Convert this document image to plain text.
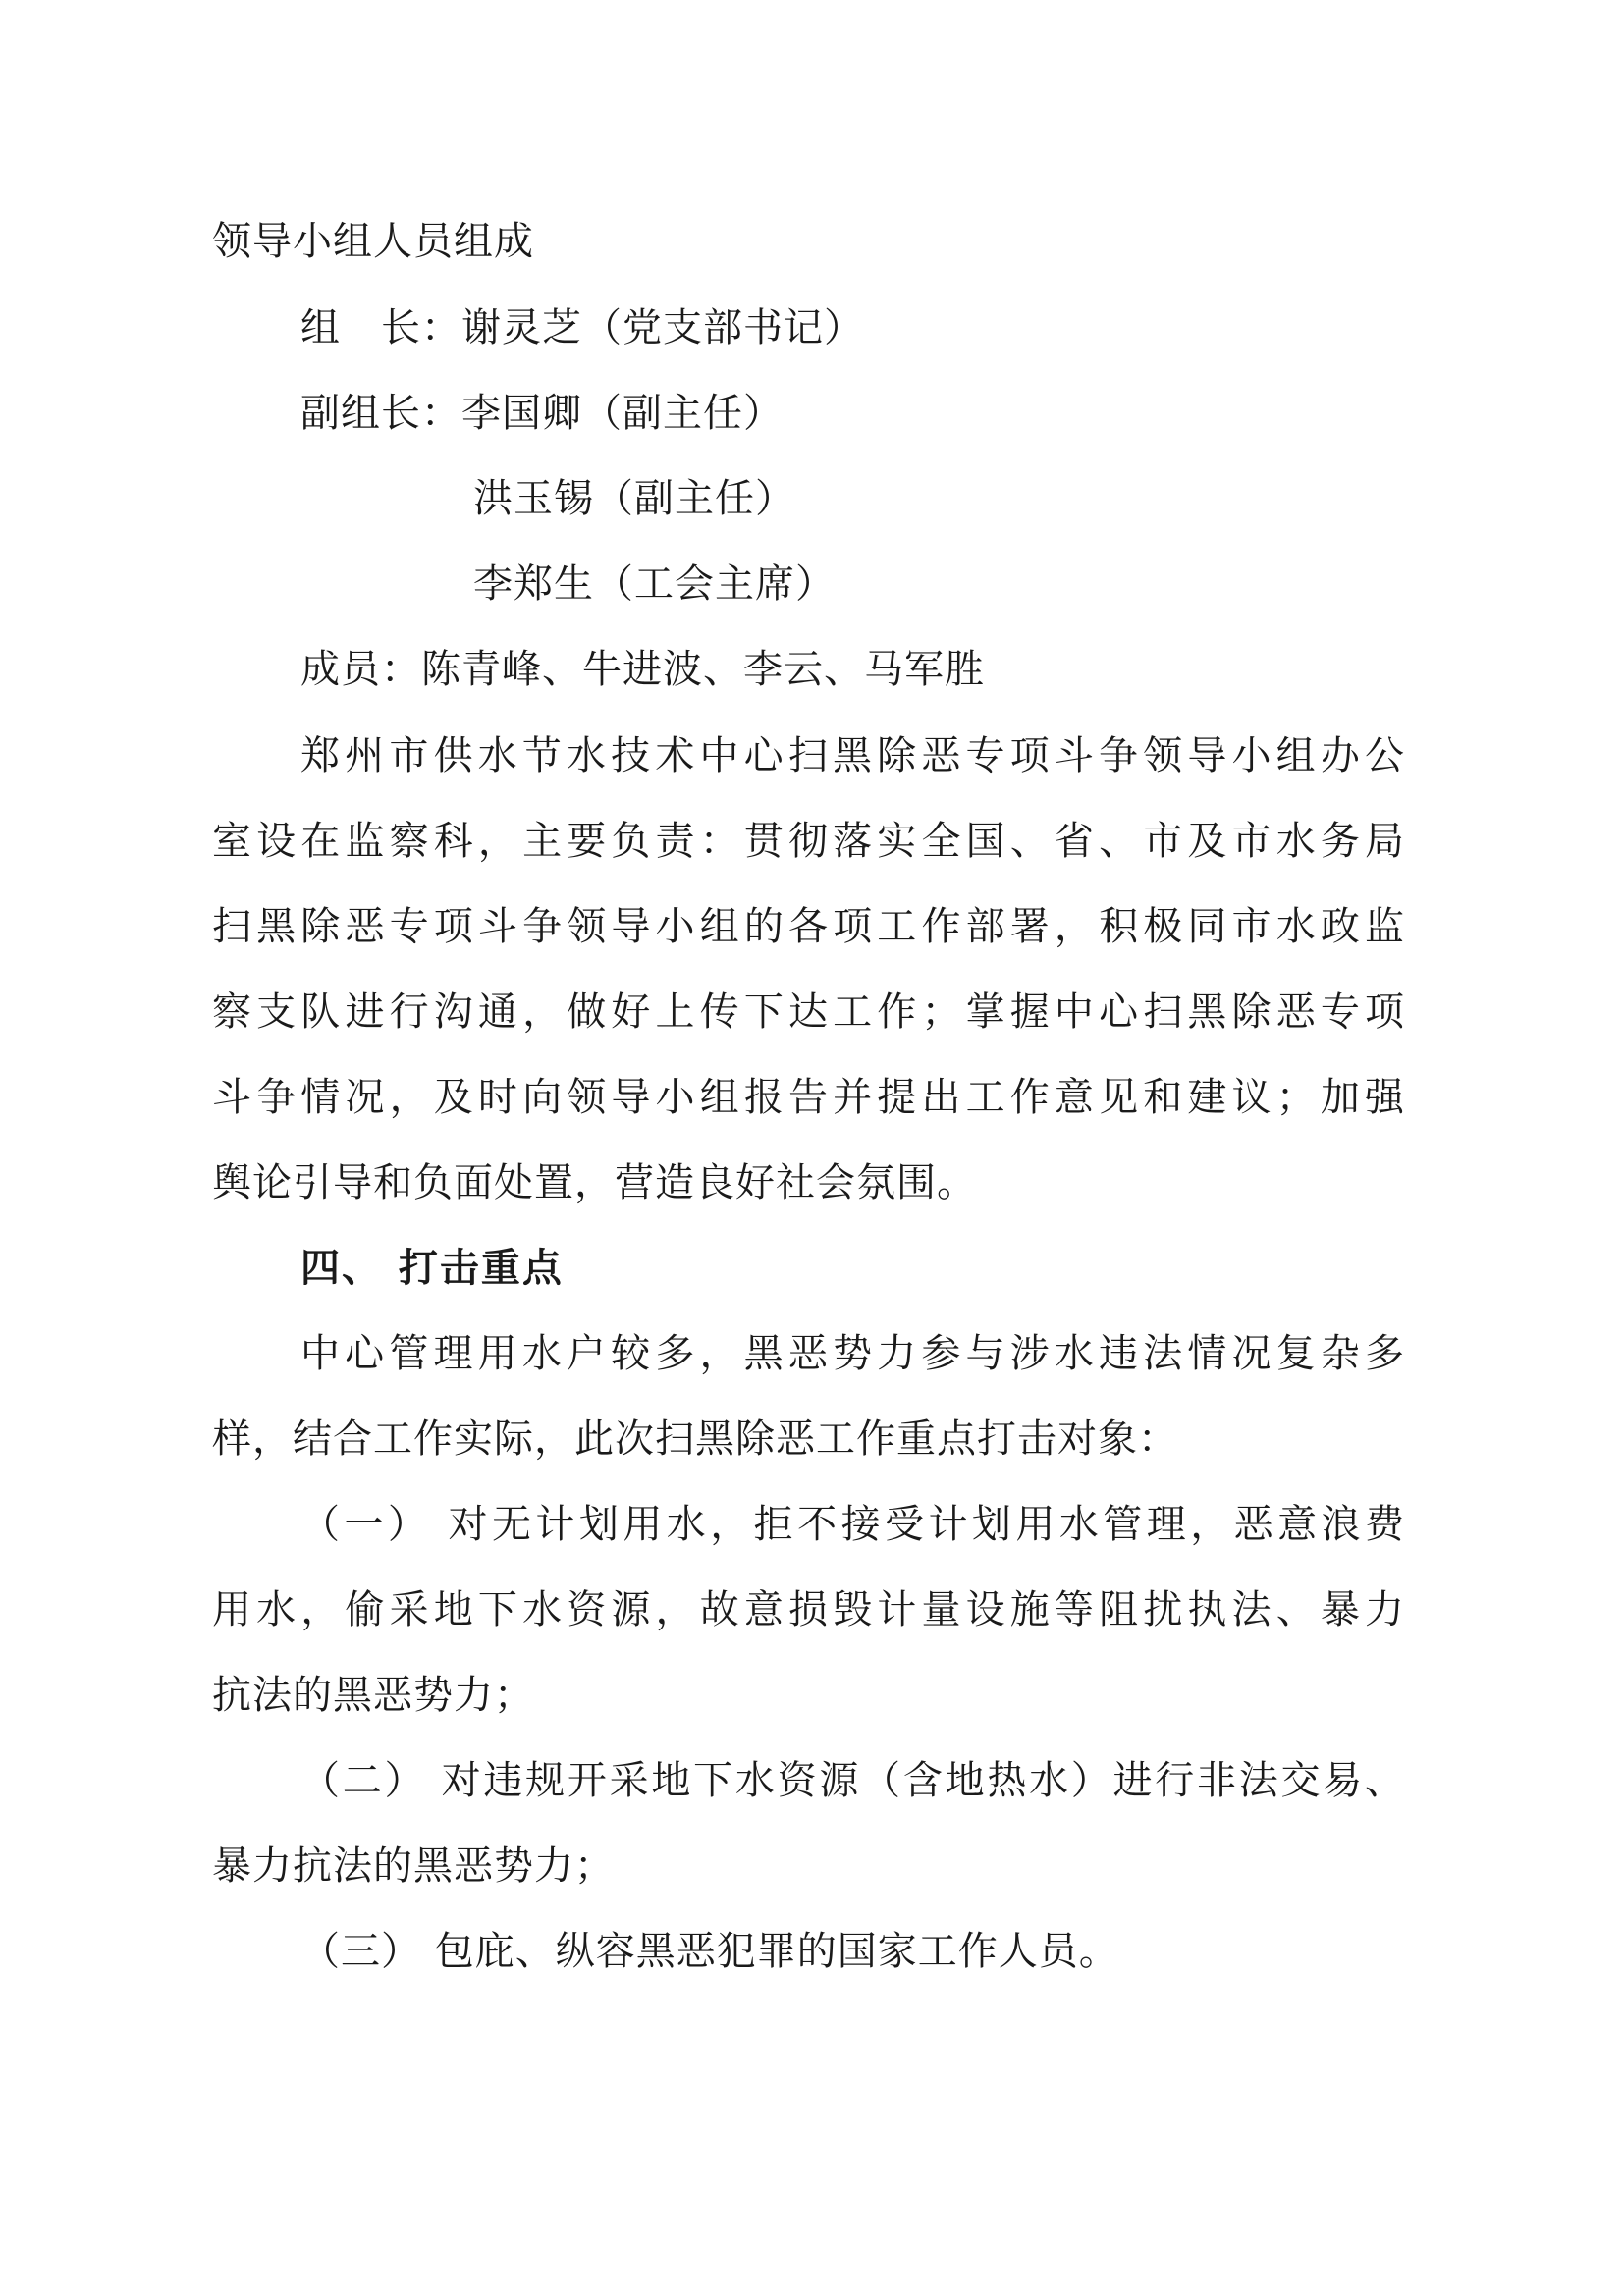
领导小组人员组成
组　长：谢灵芝（党支部书记）
副组长：李国卿（副主任）
洪玉锡（副主任）
李郑生（工会主席）
成员：陈青峰、牛进波、李云、马军胜
郑州市供水节水技术中心扫黑除恶专项斗争领导小组办公
室设在监察科，主要负责：贯彻落实全国、省、市及市水务局
扫黑除恶专项斗争领导小组的各项工作部署，积极同市水政监
察支队进行沟通，做好上传下达工作；掌握中心扫黑除恶专项
斗争情况，及时向领导小组报告并提出工作意见和建议；加强
舆论引导和负面处置，营造良好社会氛围。
四、 打击重点
中心管理用水户较多，黑恶势力参与涉水违法情况复杂多
样，结合工作实际，此次扫黑除恶工作重点打击对象：
（一） 对无计划用水，拒不接受计划用水管理，恶意浪费
用水，偷采地下水资源，故意损毁计量设施等阻扰执法、暴力
抗法的黑恶势力；
（二） 对违规开采地下水资源（含地热水）进行非法交易、
暴力抗法的黑恶势力；
（三） 包庇、纵容黑恶犯罪的国家工作人员。
